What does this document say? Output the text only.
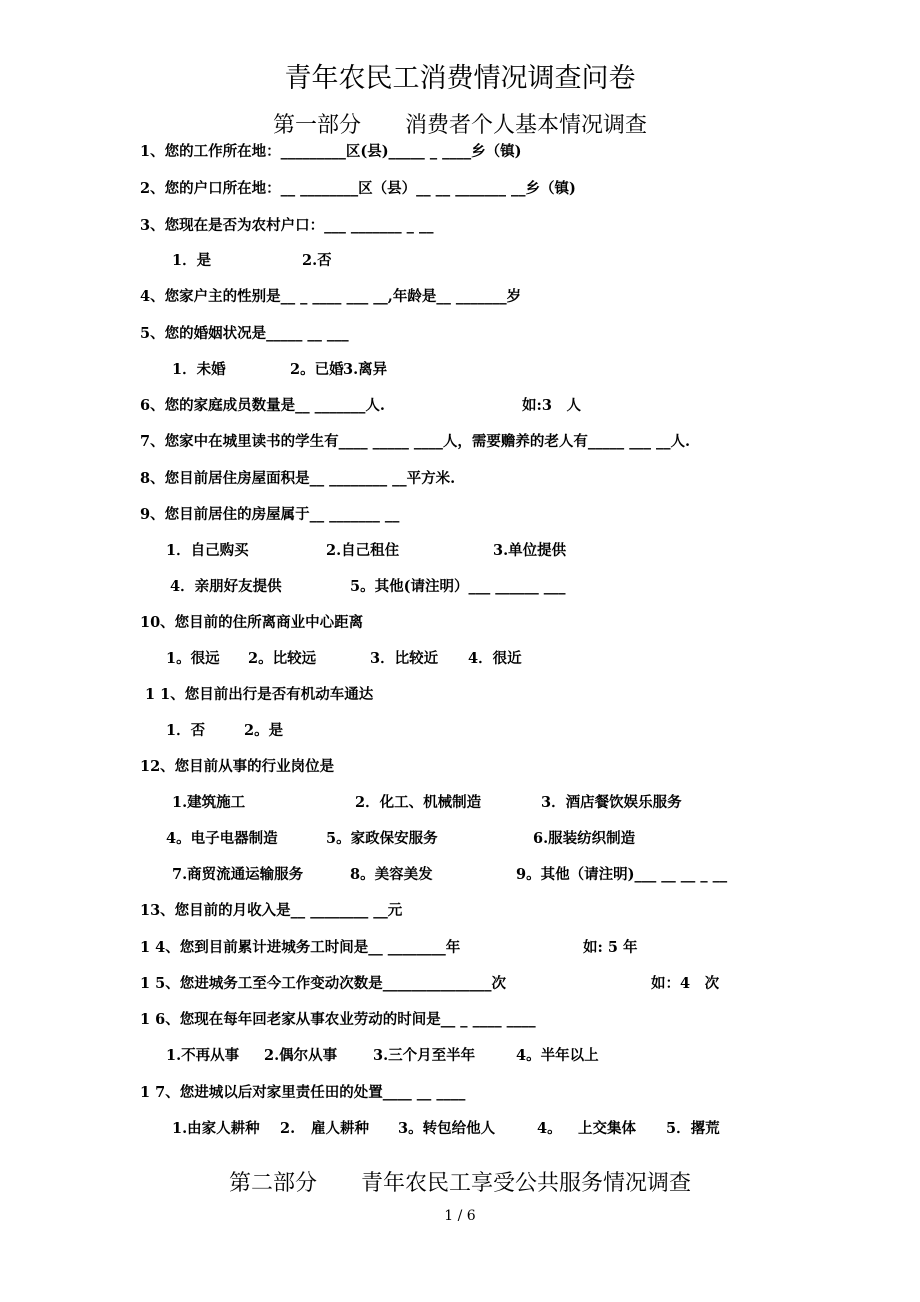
青年农民工消费情况调查问卷
第一部分　　消费者个人基本情况调查
1、您的工作所在地：_________区(县)_____ _ ____乡（镇)
2、您的户口所在地：__ ________区（县）__ __ _______ __乡（镇)
3、您现在是否为农村户口：___ _______ _ __
1．是	2.否
4、您家户主的性别是__ _ ____ ___ __,年龄是__ _______岁
5、您的婚姻状况是_____ __ ___
1．未婚	2。已婚 3.离异
6、您的家庭成员数量是__ _______人.	如:3　人
7、您家中在城里读书的学生有____ _____ ____人，需要赡养的老人有_____ ___ __人.
8、您目前居住房屋面积是__ ________ __平方米.
9、您目前居住的房屋属于__ _______ __
1．自己购买	2.自己租住	3.单位提供
4．亲朋好友提供	5。其他(请注明）___ ______ ___
10、您目前的住所离商业中心距离
1。很远 2。比较远	3．比较近 4．很近
1 1、您目前出行是否有机动车通达
1．否	2。是
12、您目前从事的行业岗位是
1.建筑施工	2．化工、机械制造	3．酒店餐饮娱乐服务
4。电子电器制造	5。家政保安服务	6.服装纺织制造
7.商贸流通运输服务	8。美容美发	9。其他（请注明)___ __ __ _ __
13、您目前的月收入是__ ________ __元
1 4、您到目前累计进城务工时间是__ ________年	如: 5 年
1 5、您进城务工至今工作变动次数是_______________次	如：4　次
1 6、您现在每年回老家从事农业劳动的时间是__ _ ____ ____
1.不再从事 2.偶尔从事 3.三个月至半年	4。半年以上
1 7、您进城以后对家里责任田的处置____ __ ____
1.由家人耕种 2. 雇人耕种 3。转包给他人	4。 上交集体 5．撂荒
第二部分　　青年农民工享受公共服务情况调查
1 / 6
